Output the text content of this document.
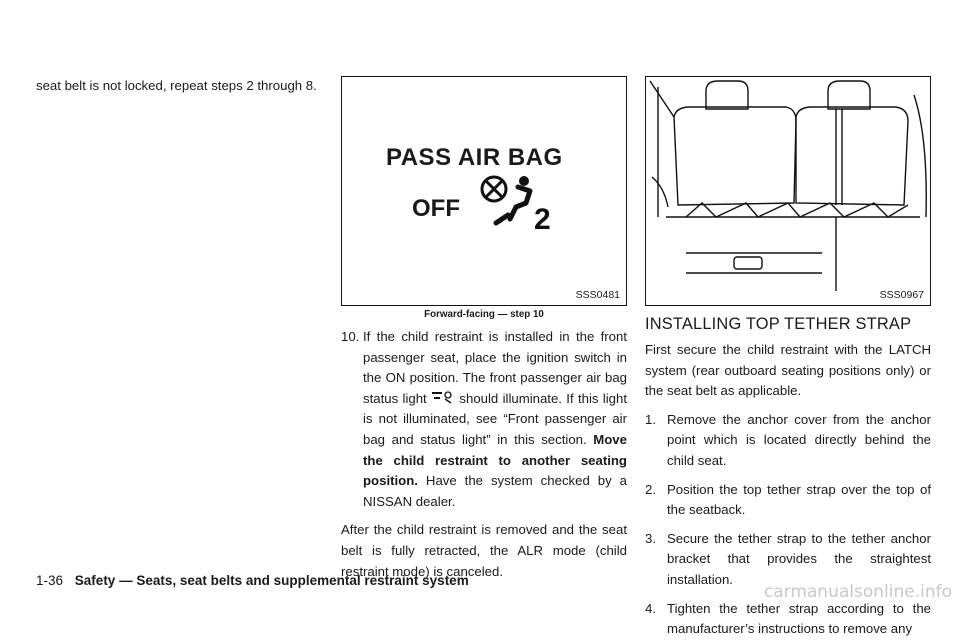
seat belt is not locked, repeat steps 2 through 8.

PASS AIR BAG
OFF 2
SSS0481
Forward-facing — step 10
10. If the child restraint is installed in the front passenger seat, place the ignition switch in the ON position. The front passenger air bag status light should illuminate. If this light is not illuminated, see “Front passenger air bag and status light” in this section. Move the child restraint to another seating position. Have the system checked by a NISSAN dealer.

After the child restraint is removed and the seat belt is fully retracted, the ALR mode (child restraint mode) is canceled.

SSS0967
INSTALLING TOP TETHER STRAP

First secure the child restraint with the LATCH system (rear outboard seating positions only) or the seat belt as applicable.

1. Remove the anchor cover from the anchor point which is located directly behind the child seat.

2. Position the top tether strap over the top of the seatback.

3. Secure the tether strap to the tether anchor bracket that provides the straightest installation.

4. Tighten the tether strap according to the manufacturer’s instructions to remove any

1-36 Safety — Seats, seat belts and supplemental restraint system
carmanualsonline.info
